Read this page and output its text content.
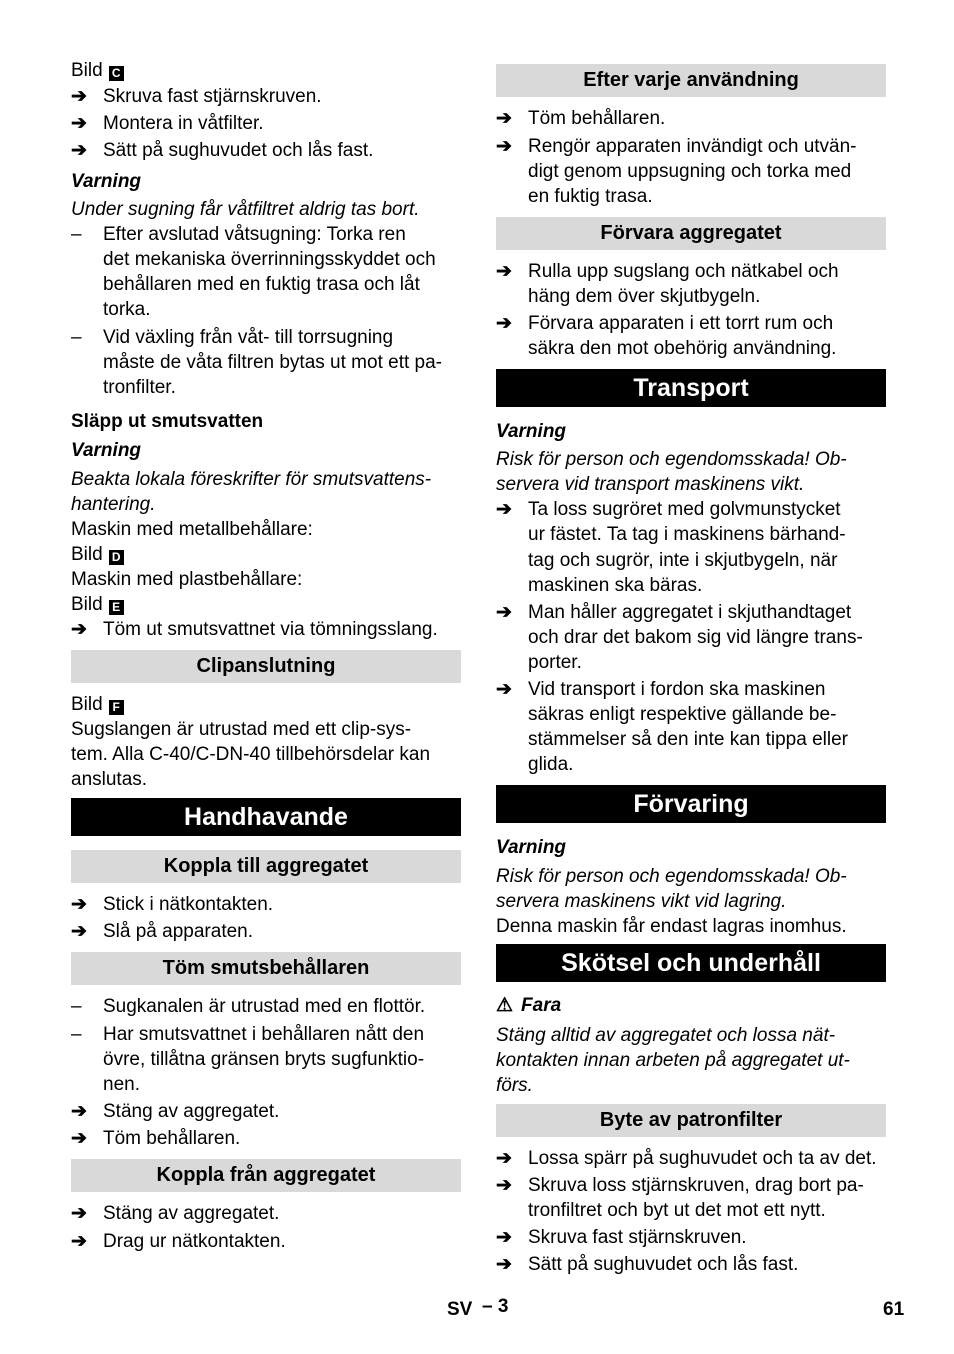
Bild C
➔ Skruva fast stjärnskruven.
➔ Montera in våtfilter.
➔ Sätt på sughuvudet och lås fast.
Varning
Under sugning får våtfiltret aldrig tas bort.
– Efter avslutad våtsugning: Torka ren
det mekaniska överrinningsskyddet och
behållaren med en fuktig trasa och låt
torka.
– Vid växling från våt- till torrsugning
måste de våta filtren bytas ut mot ett pa-
tronfilter.
Släpp ut smutsvatten
Varning
Beakta lokala föreskrifter för smutsvattens-
hantering.
Maskin med metallbehållare:
Bild D
Maskin med plastbehållare:
Bild E
➔ Töm ut smutsvattnet via tömningsslang.
Clipanslutning
Bild F
Sugslangen är utrustad med ett clip-sys-
tem. Alla C-40/C-DN-40 tillbehörsdelar kan
anslutas.
Handhavande
Koppla till aggregatet
➔ Stick i nätkontakten.
➔ Slå på apparaten.
Töm smutsbehållaren
– Sugkanalen är utrustad med en flottör.
– Har smutsvattnet i behållaren nått den
övre, tillåtna gränsen bryts sugfunktio-
nen.
➔ Stäng av aggregatet.
➔ Töm behållaren.
Koppla från aggregatet
➔ Stäng av aggregatet.
➔ Drag ur nätkontakten.
Efter varje användning
➔ Töm behållaren.
➔ Rengör apparaten invändigt och utvän-
digt genom uppsugning och torka med
en fuktig trasa.
Förvara aggregatet
➔ Rulla upp sugslang och nätkabel och
häng dem över skjutbygeln.
➔ Förvara apparaten i ett torrt rum och
säkra den mot obehörig användning.
Transport
Varning
Risk för person och egendomsskada! Ob-
servera vid transport maskinens vikt.
➔ Ta loss sugröret med golvmunstycket
ur fästet. Ta tag i maskinens bärhand-
tag och sugrör, inte i skjutbygeln, när
maskinen ska bäras.
➔ Man håller aggregatet i skjuthandtaget
och drar det bakom sig vid längre trans-
porter.
➔ Vid transport i fordon ska maskinen
säkras enligt respektive gällande be-
stämmelser så den inte kan tippa eller
glida.
Förvaring
Varning
Risk för person och egendomsskada! Ob-
servera maskinens vikt vid lagring.
Denna maskin får endast lagras inomhus.
Skötsel och underhåll
⚠ Fara
Stäng alltid av aggregatet och lossa nät-
kontakten innan arbeten på aggregatet ut-
förs.
Byte av patronfilter
➔ Lossa spärr på sughuvudet och ta av det.
➔ Skruva loss stjärnskruven, drag bort pa-
tronfiltret och byt ut det mot ett nytt.
➔ Skruva fast stjärnskruven.
➔ Sätt på sughuvudet och lås fast.
SV – 3	61
